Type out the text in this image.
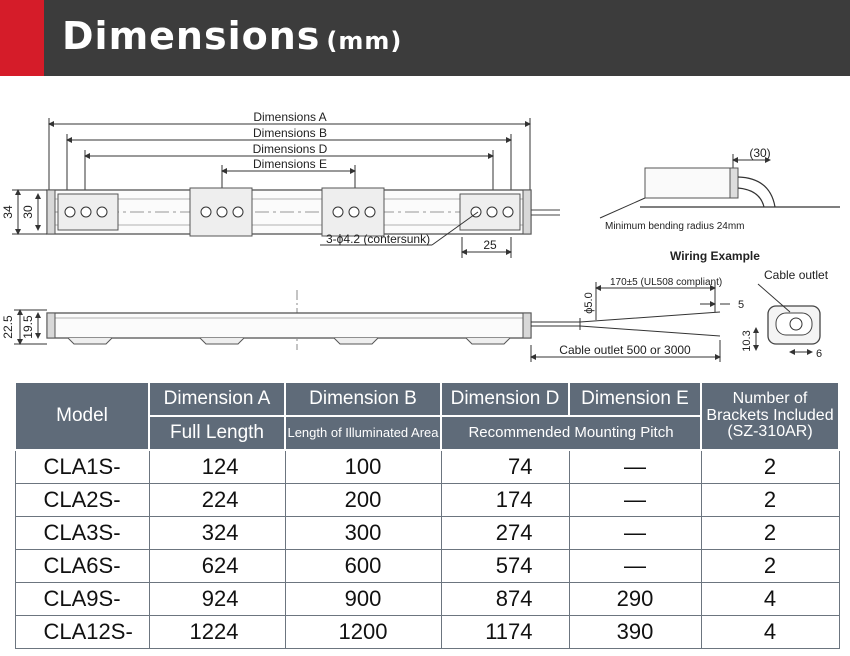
Dimensions (mm)
Dimensions A
Dimensions B
Dimensions D
Dimensions E
34 30
3-ϕ4.2 (contersunk)	25
(30)
Minimum bending radius 24mm
Wiring Example
22.5 19.5
170±5 (UL508 compliant)
ϕ5.0	5
Cable outlet 500 or 3000
Cable outlet
10.3
6
Model	Dimension A	Dimension B	Dimension D	Dimension E	Number of Brackets Included (SZ-310AR)
	Full Length	Length of Illuminated Area	Recommended Mounting Pitch		
CLA1S-	124	100	74	—	2
CLA2S-	224	200	174	—	2
CLA3S-	324	300	274	—	2
CLA6S-	624	600	574	—	2
CLA9S-	924	900	874	290	4
CLA12S-	1224	1200	1174	390	4
